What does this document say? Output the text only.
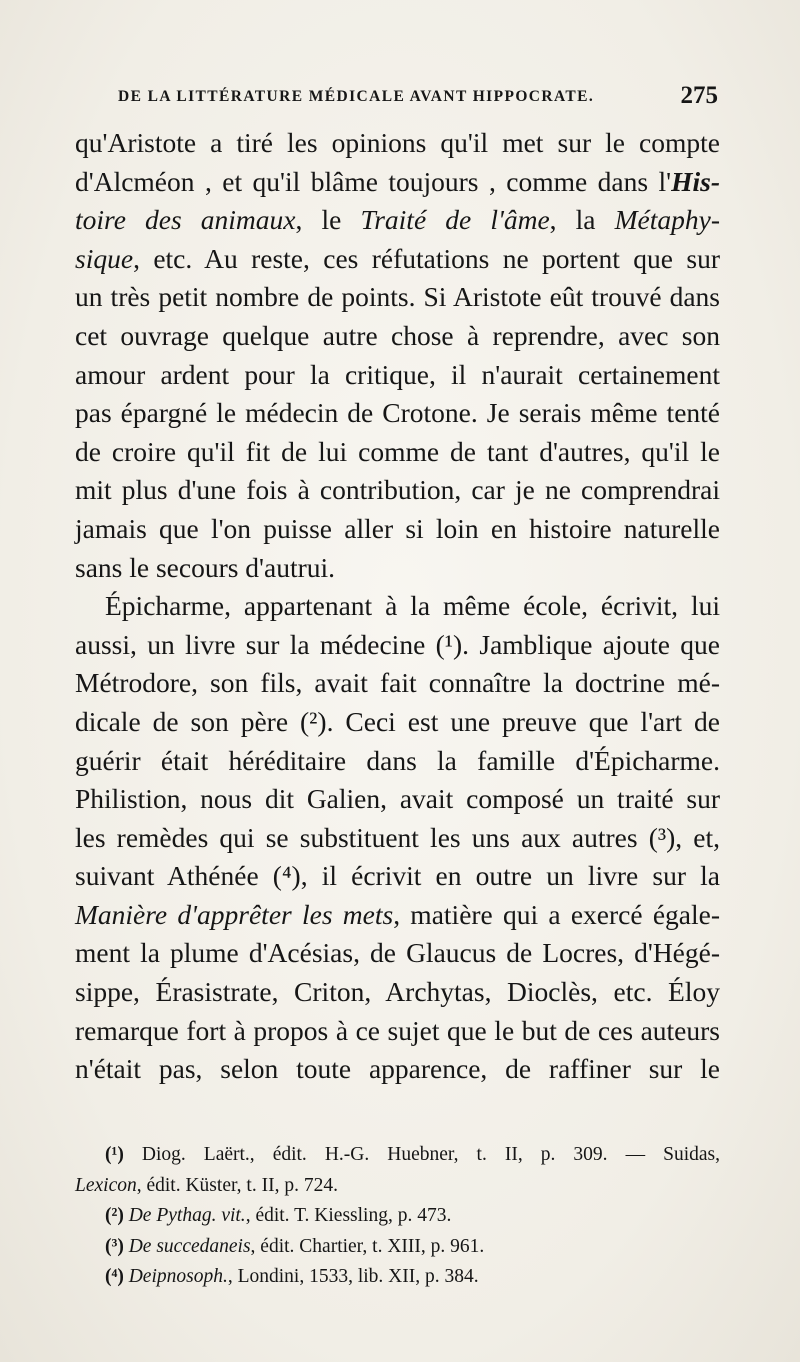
DE LA LITTÉRATURE MÉDICALE AVANT HIPPOCRATE.	275
qu'Aristote a tiré les opinions qu'il met sur le compte
d'Alcméon , et qu'il blâme toujours , comme dans l'His-
toire des animaux, le Traité de l'âme, la Métaphy-
sique, etc. Au reste, ces réfutations ne portent que sur
un très petit nombre de points. Si Aristote eût trouvé dans
cet ouvrage quelque autre chose à reprendre, avec son
amour ardent pour la critique, il n'aurait certainement
pas épargné le médecin de Crotone. Je serais même tenté
de croire qu'il fit de lui comme de tant d'autres, qu'il le
mit plus d'une fois à contribution, car je ne comprendrai
jamais que l'on puisse aller si loin en histoire naturelle
sans le secours d'autrui.
Épicharme, appartenant à la même école, écrivit, lui
aussi, un livre sur la médecine (¹). Jamblique ajoute que
Métrodore, son fils, avait fait connaître la doctrine mé-
dicale de son père (²). Ceci est une preuve que l'art de
guérir était héréditaire dans la famille d'Épicharme.
Philistion, nous dit Galien, avait composé un traité sur
les remèdes qui se substituent les uns aux autres (³), et,
suivant Athénée (⁴), il écrivit en outre un livre sur la
Manière d'apprêter les mets, matière qui a exercé égale-
ment la plume d'Acésias, de Glaucus de Locres, d'Hégé-
sippe, Érasistrate, Criton, Archytas, Dioclès, etc. Éloy
remarque fort à propos à ce sujet que le but de ces auteurs
n'était pas, selon toute apparence, de raffiner sur le
(¹) Diog. Laërt., édit. H.-G. Huebner, t. II, p. 309. — Suidas,
Lexicon, édit. Küster, t. II, p. 724.
(²) De Pythag. vit., édit. T. Kiessling, p. 473.
(³) De succedaneis, édit. Chartier, t. XIII, p. 961.
(⁴) Deipnosoph., Londini, 1533, lib. XII, p. 384.
